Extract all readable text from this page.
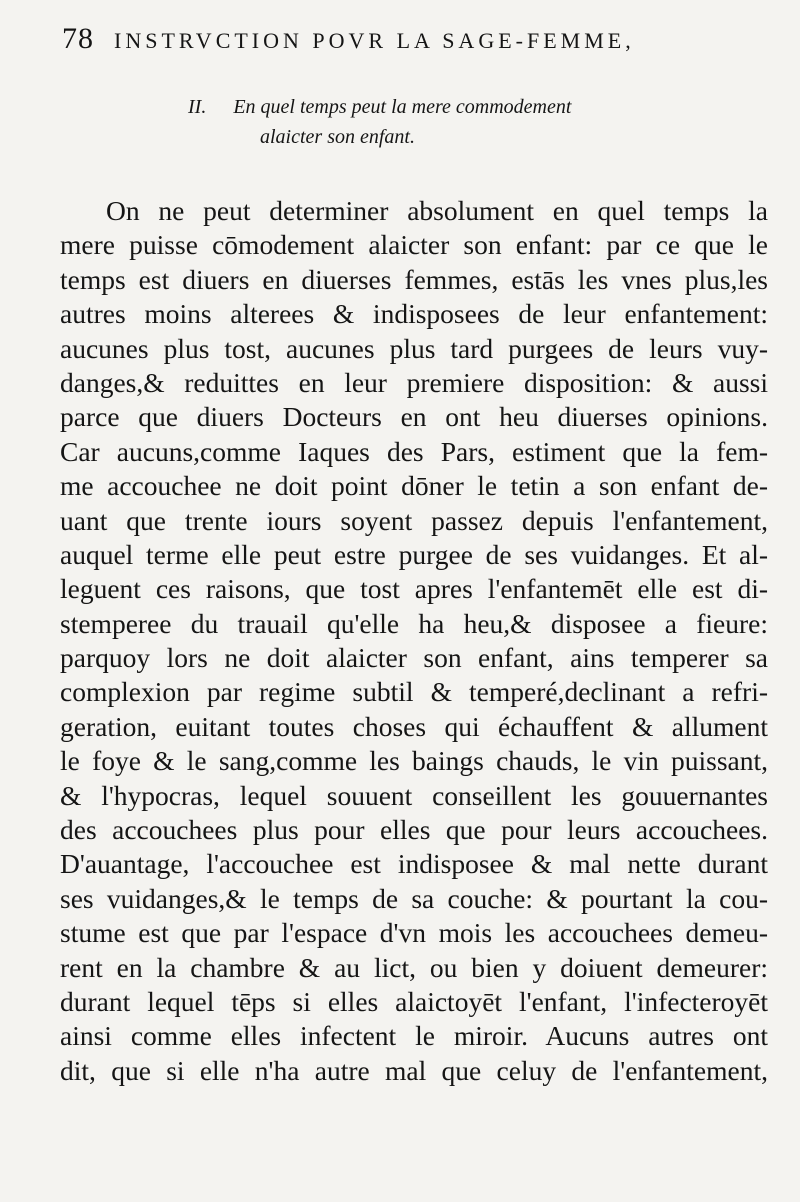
78 INSTRVCTION POVR LA SAGE-FEMME,
II. En quel temps peut la mere commodement
alaicter son enfant.
On ne peut determiner absolument en quel temps la
mere puisse cōmodement alaicter son enfant: par ce que le
temps est diuers en diuerses femmes, estās les vnes plus,les
autres moins alterees & indisposees de leur enfantement:
aucunes plus tost, aucunes plus tard purgees de leurs vuy-
danges,& reduittes en leur premiere disposition: & aussi
parce que diuers Docteurs en ont heu diuerses opinions.
Car aucuns,comme Iaques des Pars, estiment que la fem-
me accouchee ne doit point dōner le tetin a son enfant de-
uant que trente iours soyent passez depuis l'enfantement,
auquel terme elle peut estre purgee de ses vuidanges. Et al-
leguent ces raisons, que tost apres l'enfantemēt elle est di-
stemperee du trauail qu'elle ha heu,& disposee a fieure:
parquoy lors ne doit alaicter son enfant, ains temperer sa
complexion par regime subtil & temperé,declinant a refri-
geration, euitant toutes choses qui échauffent & allument
le foye & le sang,comme les baings chauds, le vin puissant,
& l'hypocras, lequel souuent conseillent les gouuernantes
des accouchees plus pour elles que pour leurs accouchees.
D'auantage, l'accouchee est indisposee & mal nette durant
ses vuidanges,& le temps de sa couche: & pourtant la cou-
stume est que par l'espace d'vn mois les accouchees demeu-
rent en la chambre & au lict, ou bien y doiuent demeurer:
durant lequel tēps si elles alaictoyēt l'enfant, l'infecteroyēt
ainsi comme elles infectent le miroir. Aucuns autres ont
dit, que si elle n'ha autre mal que celuy de l'enfantement,
